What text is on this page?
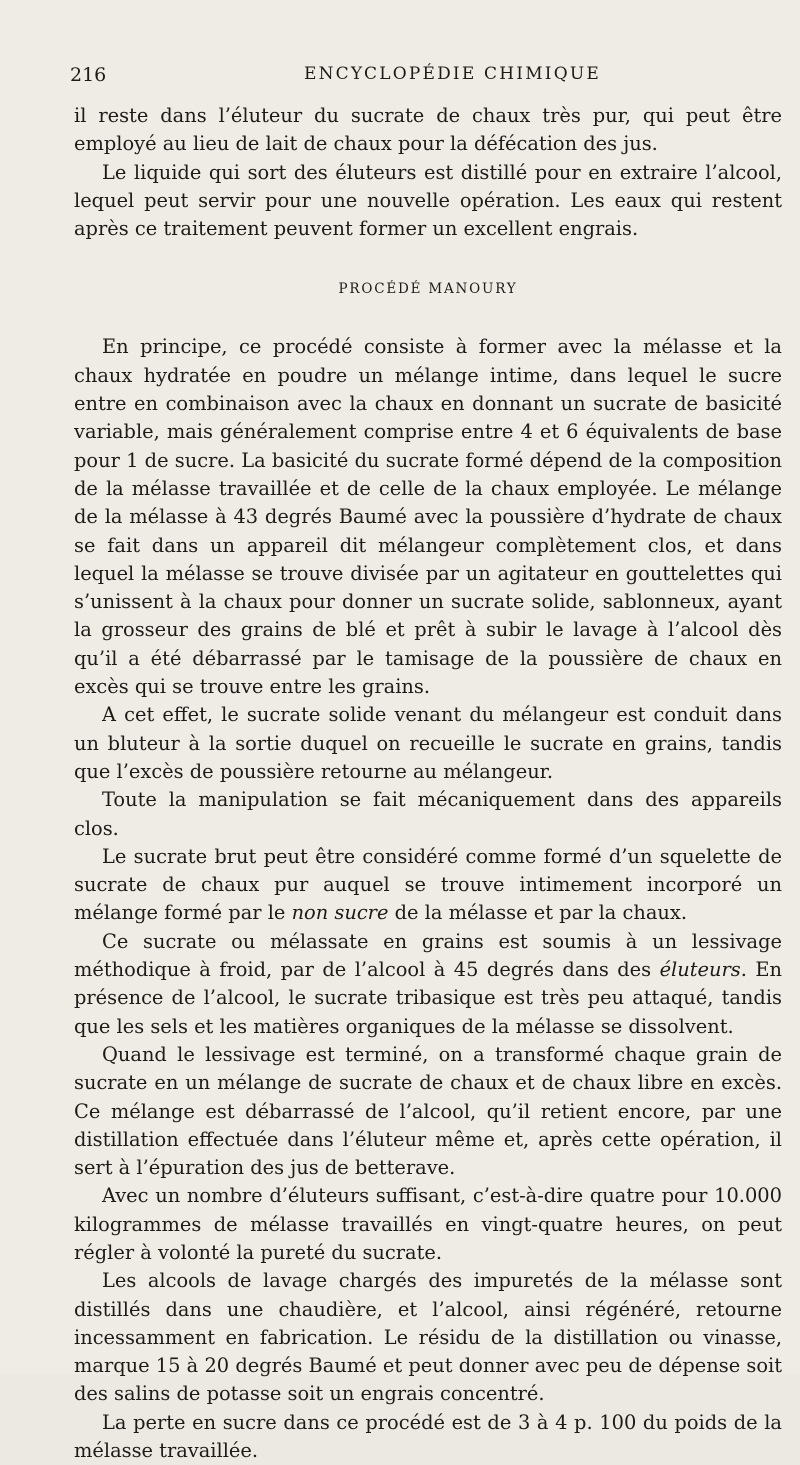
216	ENCYCLOPÉDIE CHIMIQUE

il reste dans l’éluteur du sucrate de chaux très pur, qui peut être employé au lieu de lait de chaux pour la défécation des jus.

Le liquide qui sort des éluteurs est distillé pour en extraire l’alcool, lequel peut servir pour une nouvelle opération. Les eaux qui restent après ce traitement peuvent former un excellent engrais.

PROCÉDÉ MANOURY

En principe, ce procédé consiste à former avec la mélasse et la chaux hydratée en poudre un mélange intime, dans lequel le sucre entre en combinaison avec la chaux en donnant un sucrate de basicité variable, mais généralement comprise entre 4 et 6 équivalents de base pour 1 de sucre. La basicité du sucrate formé dépend de la composition de la mélasse travaillée et de celle de la chaux employée. Le mélange de la mélasse à 43 degrés Baumé avec la poussière d’hydrate de chaux se fait dans un appareil dit mélangeur complètement clos, et dans lequel la mélasse se trouve divisée par un agitateur en gouttelettes qui s’unissent à la chaux pour donner un sucrate solide, sablonneux, ayant la grosseur des grains de blé et prêt à subir le lavage à l’alcool dès qu’il a été débarrassé par le tamisage de la poussière de chaux en excès qui se trouve entre les grains.

A cet effet, le sucrate solide venant du mélangeur est conduit dans un bluteur à la sortie duquel on recueille le sucrate en grains, tandis que l’excès de poussière retourne au mélangeur.

Toute la manipulation se fait mécaniquement dans des appareils clos.

Le sucrate brut peut être considéré comme formé d’un squelette de sucrate de chaux pur auquel se trouve intimement incorporé un mélange formé par le non sucre de la mélasse et par la chaux.

Ce sucrate ou mélassate en grains est soumis à un lessivage méthodique à froid, par de l’alcool à 45 degrés dans des éluteurs. En présence de l’alcool, le sucrate tribasique est très peu attaqué, tandis que les sels et les matières organiques de la mélasse se dissolvent.

Quand le lessivage est terminé, on a transformé chaque grain de sucrate en un mélange de sucrate de chaux et de chaux libre en excès. Ce mélange est débarrassé de l’alcool, qu’il retient encore, par une distillation effectuée dans l’éluteur même et, après cette opération, il sert à l’épuration des jus de betterave.

Avec un nombre d’éluteurs suffisant, c’est-à-dire quatre pour 10.000 kilogrammes de mélasse travaillés en vingt-quatre heures, on peut régler à volonté la pureté du sucrate.

Les alcools de lavage chargés des impuretés de la mélasse sont distillés dans une chaudière, et l’alcool, ainsi régénéré, retourne incessamment en fabrication. Le résidu de la distillation ou vinasse, marque 15 à 20 degrés Baumé et peut donner avec peu de dépense soit des salins de potasse soit un engrais concentré.

La perte en sucre dans ce procédé est de 3 à 4 p. 100 du poids de la mélasse travaillée.
